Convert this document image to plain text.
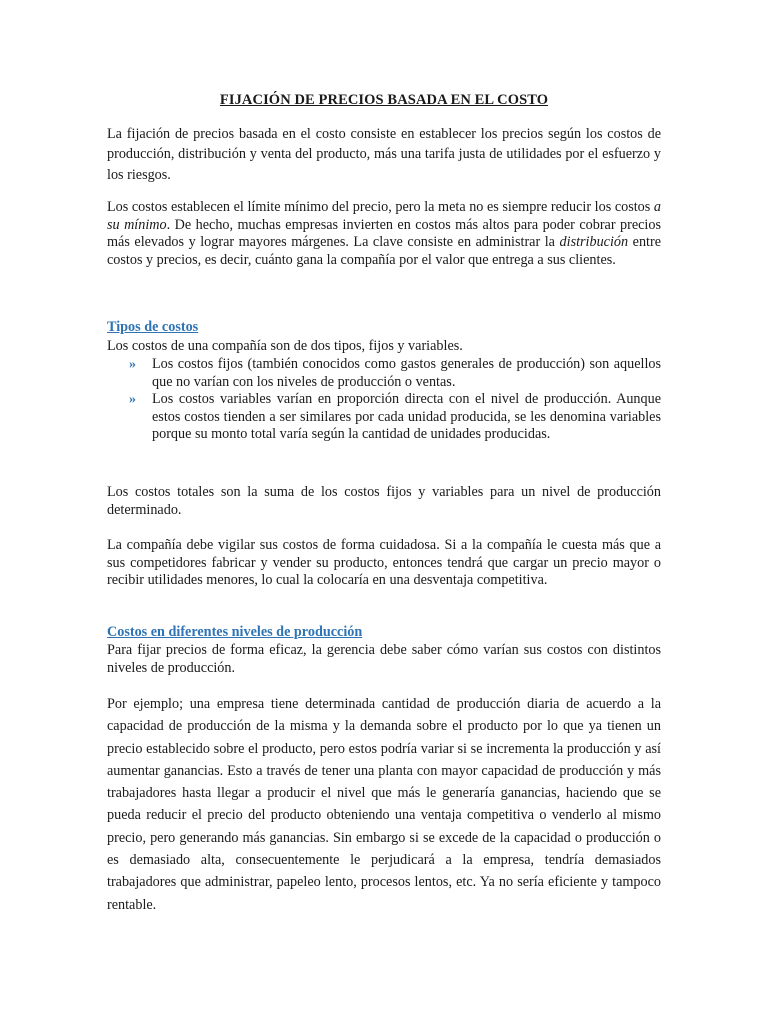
FIJACIÓN DE PRECIOS BASADA EN EL COSTO

La fijación de precios basada en el costo consiste en establecer los precios según los costos de producción, distribución y venta del producto, más una tarifa justa de utilidades por el esfuerzo y los riesgos.

Los costos establecen el límite mínimo del precio, pero la meta no es siempre reducir los costos a su mínimo. De hecho, muchas empresas invierten en costos más altos para poder cobrar precios más elevados y lograr mayores márgenes. La clave consiste en administrar la distribución entre costos y precios, es decir, cuánto gana la compañía por el valor que entrega a sus clientes.

Tipos de costos

Los costos de una compañía son de dos tipos, fijos y variables.

» Los costos fijos (también conocidos como gastos generales de producción) son aquellos que no varían con los niveles de producción o ventas.
» Los costos variables varían en proporción directa con el nivel de producción. Aunque estos costos tienden a ser similares por cada unidad producida, se les denomina variables porque su monto total varía según la cantidad de unidades producidas.

Los costos totales son la suma de los costos fijos y variables para un nivel de producción determinado.

La compañía debe vigilar sus costos de forma cuidadosa. Si a la compañía le cuesta más que a sus competidores fabricar y vender su producto, entonces tendrá que cargar un precio mayor o recibir utilidades menores, lo cual la colocaría en una desventaja competitiva.

Costos en diferentes niveles de producción

Para fijar precios de forma eficaz, la gerencia debe saber cómo varían sus costos con distintos niveles de producción.

Por ejemplo; una empresa tiene determinada cantidad de producción diaria de acuerdo a la capacidad de producción de la misma y la demanda sobre el producto por lo que ya tienen un precio establecido sobre el producto, pero estos podría variar si se incrementa la producción y así aumentar ganancias. Esto a través de tener una planta con mayor capacidad de producción y más trabajadores hasta llegar a producir el nivel que más le generaría ganancias, haciendo que se pueda reducir el precio del producto obteniendo una ventaja competitiva o venderlo al mismo precio, pero generando más ganancias. Sin embargo si se excede de la capacidad o producción o es demasiado alta, consecuentemente le perjudicará a la empresa, tendría demasiados trabajadores que administrar, papeleo lento, procesos lentos, etc. Ya no sería eficiente y tampoco rentable.
